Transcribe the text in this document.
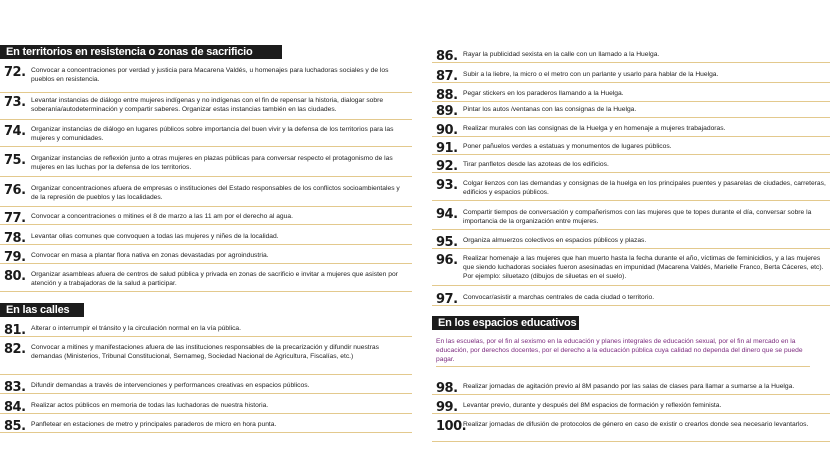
En territorios en resistencia o zonas de sacrificio
72. Convocar a concentraciones por verdad y justicia para Macarena Valdés, u homenajes para luchadoras sociales y de los pueblos en resistencia.
73. Levantar instancias de diálogo entre mujeres indígenas y no indígenas con el fin de repensar la historia, dialogar sobre soberanía/autodeterminación y compartir saberes. Organizar estas instancias también en las ciudades.
74. Organizar instancias de diálogo en lugares públicos sobre importancia del buen vivir y la defensa de los territorios para las mujeres y comunidades.
75. Organizar instancias de reflexión junto a otras mujeres en plazas públicas para conversar respecto el protagonismo de las mujeres en las luchas por la defensa de los territorios.
76. Organizar concentraciones afuera de empresas o instituciones del Estado responsables de los conflictos socioambientales y de la represión de pueblos y las localidades.
77. Convocar a concentraciones o mitines el 8 de marzo a las 11 am por el derecho al agua.
78. Levantar ollas comunes que convoquen a todas las mujeres y niñes de la localidad.
79. Convocar en masa a plantar flora nativa en zonas devastadas por agroindustria.
80. Organizar asambleas afuera de centros de salud pública y privada en zonas de sacrificio e invitar a mujeres que asisten por atención y a trabajadoras de la salud a participar.
En las calles
81. Alterar o interrumpir el tránsito y la circulación normal en la vía pública.
82. Convocar a mitines y manifestaciones afuera de las instituciones responsables de la precarización y difundir nuestras demandas (Ministerios, Tribunal Constitucional, Sernameg, Sociedad Nacional de Agricultura, Fiscalías, etc.)
83. Difundir demandas a través de intervenciones y performances creativas en espacios públicos.
84. Realizar actos públicos en memoria de todas las luchadoras de nuestra historia.
85. Panfletear en estaciones de metro y principales paraderos de micro en hora punta.
86. Rayar la publicidad sexista en la calle con un llamado a la Huelga.
87. Subir a la liebre, la micro o el metro con un parlante y usarlo para hablar de la Huelga.
88. Pegar stickers en los paraderos llamando a la Huelga.
89. Pintar los autos /ventanas con las consignas de la Huelga.
90. Realizar murales con las consignas de la Huelga y en homenaje a mujeres trabajadoras.
91. Poner pañuelos verdes a estatuas y monumentos de lugares públicos.
92. Tirar panfletos desde las azoteas de los edificios.
93. Colgar lienzos con las demandas y consignas de la huelga en los principales puentes y pasarelas de ciudades, carreteras, edificios y espacios públicos.
94. Compartir tiempos de conversación y compañerismos con las mujeres que te topes durante el día, conversar sobre la importancia de la organización entre mujeres.
95. Organiza almuerzos colectivos en espacios públicos y plazas.
96. Realizar homenaje a las mujeres que han muerto hasta la fecha durante el año, víctimas de feminicidios, y a las mujeres que siendo luchadoras sociales fueron asesinadas en impunidad (Macarena Valdés, Marielle Franco, Berta Cáceres, etc). Por ejemplo: siluetazo (dibujos de siluetas en el suelo).
97. Convocar/asistir a marchas centrales de cada ciudad o territorio.
En los espacios educativos
En las escuelas, por el fin al sexismo en la educación y planes integrales de educación sexual, por el fin al mercado en la educación, por derechos docentes, por el derecho a la educación pública cuya calidad no dependa del dinero que se puede pagar.
98. Realizar jornadas de agitación previo al 8M pasando por las salas de clases para llamar a sumarse a la Huelga.
99. Levantar previo, durante y después del 8M espacios de formación y reflexión feminista.
100.
Realizar jornadas de difusión de protocolos de género en caso de existir o crearlos donde sea necesario levantarlos.
